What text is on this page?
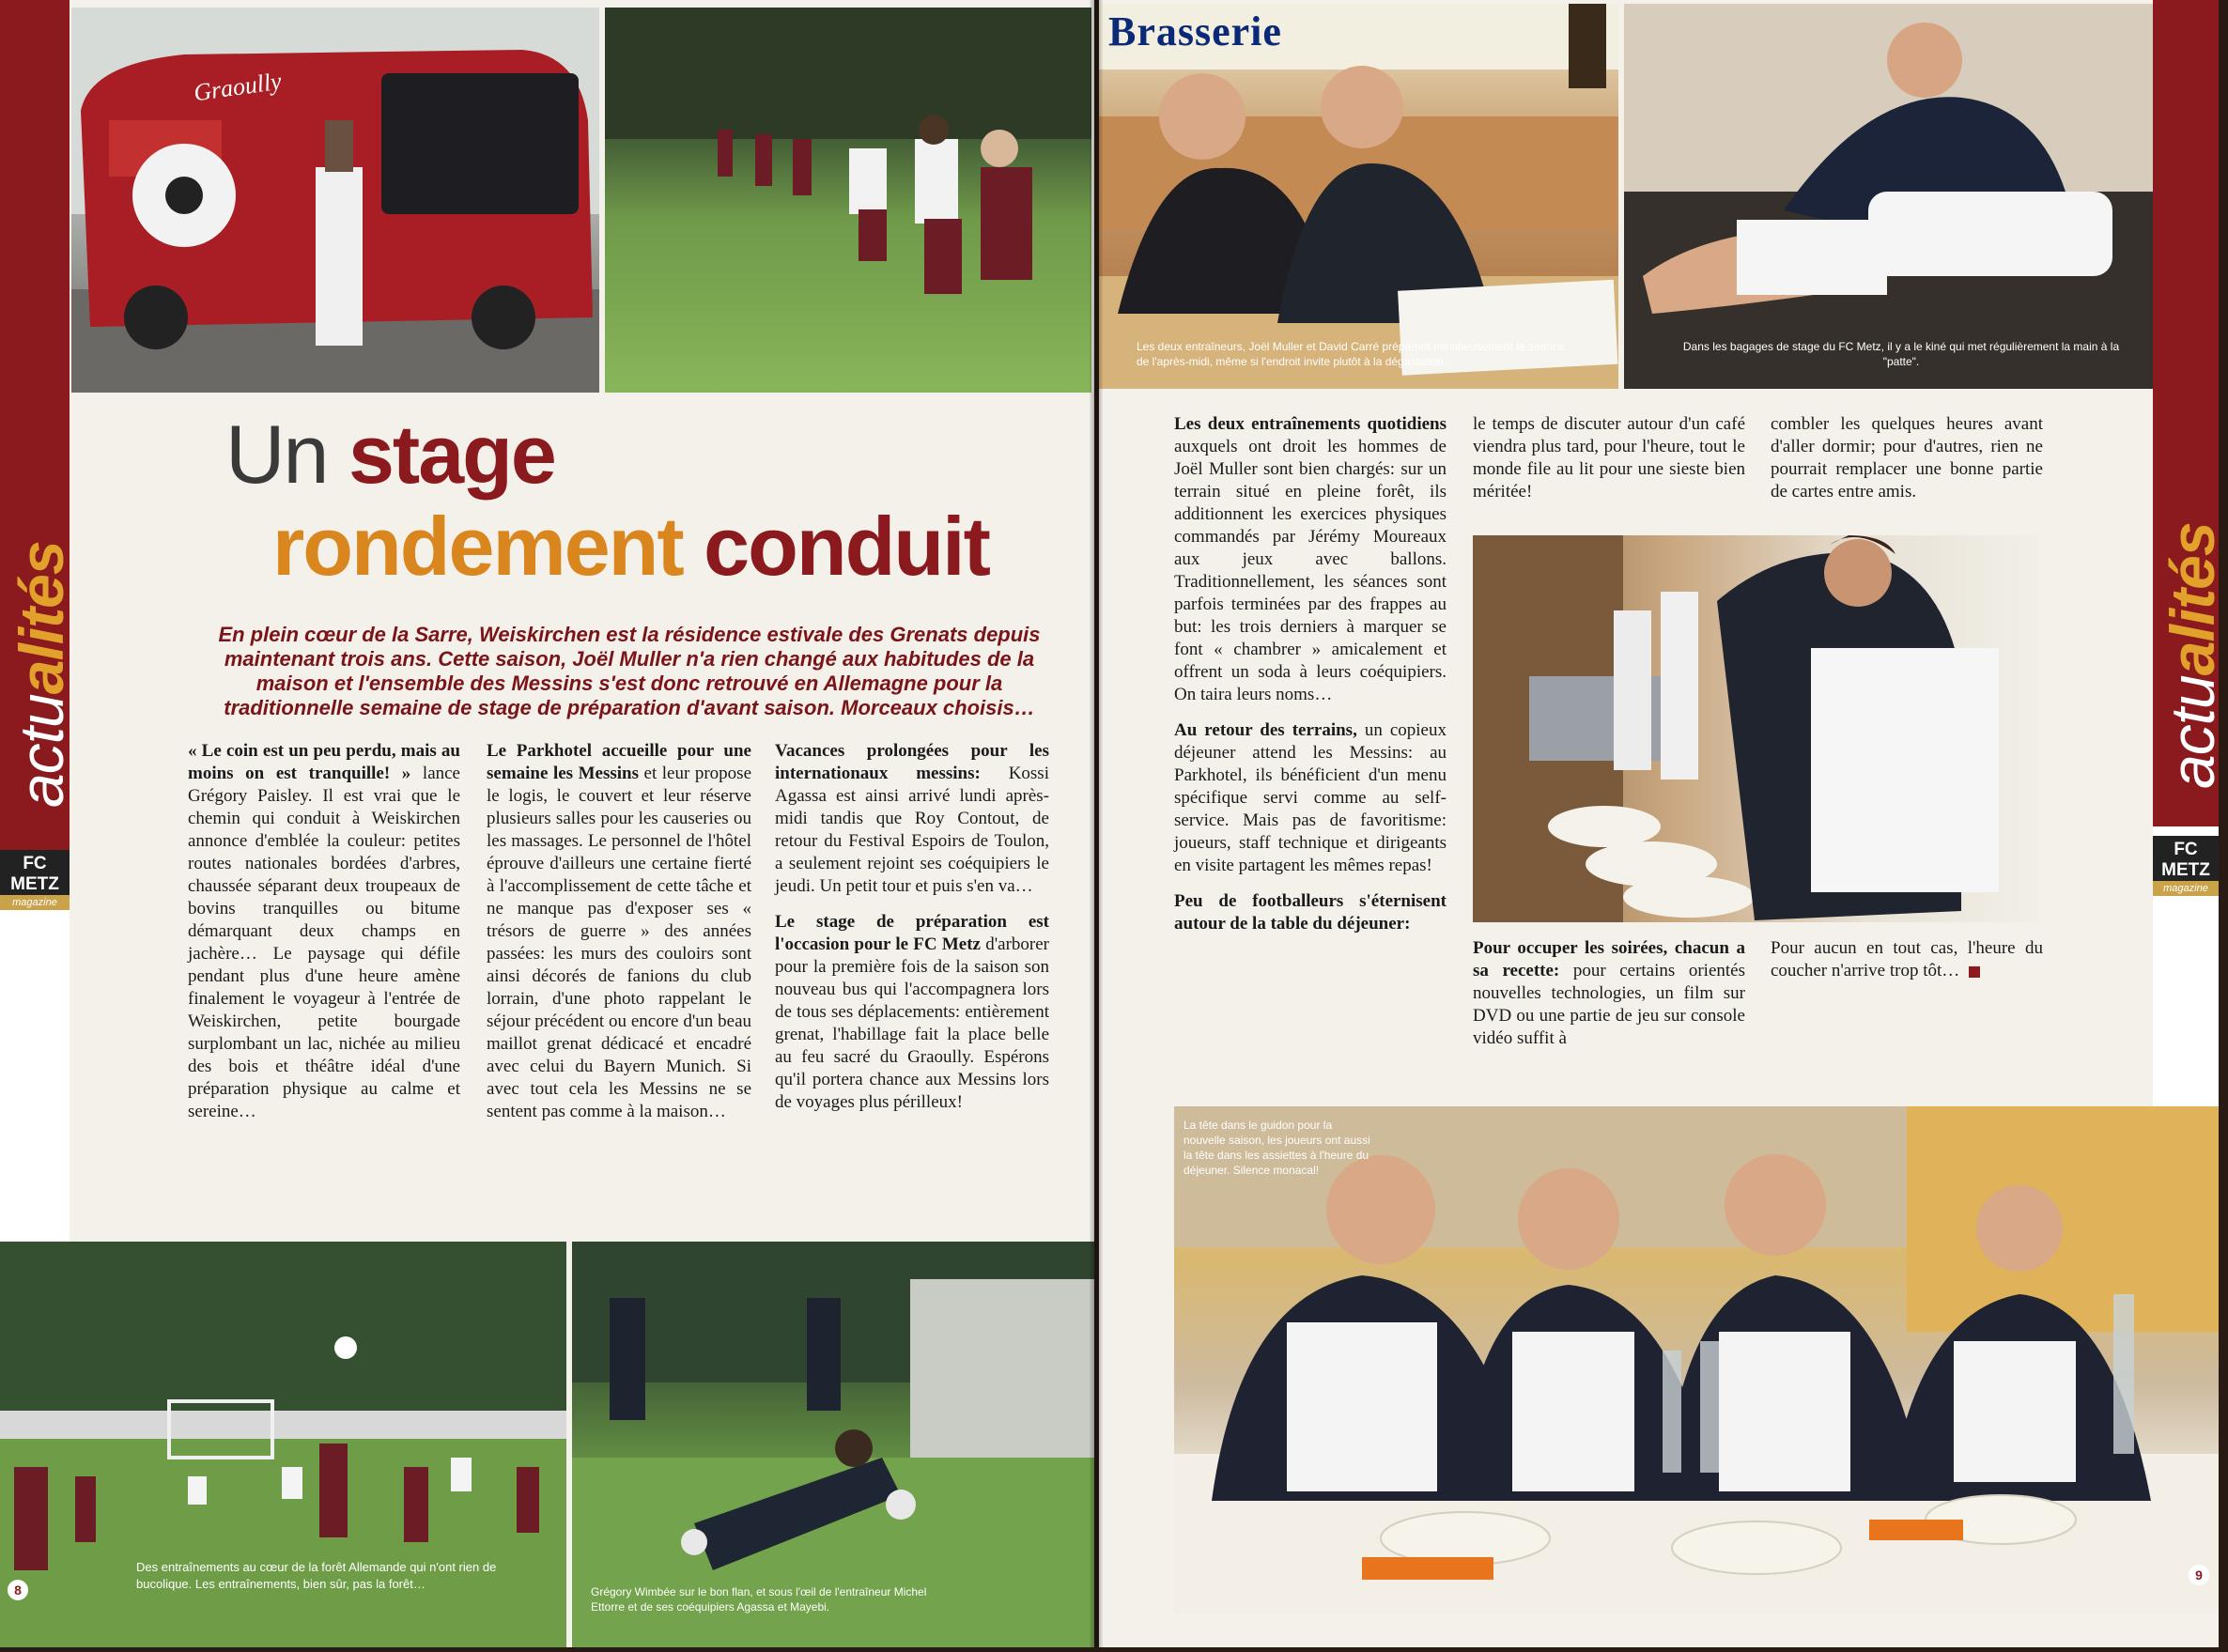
actualités
FC METZ
magazine
Graoully
Un stage
rondement conduit
En plein cœur de la Sarre, Weiskirchen est la résidence estivale des Grenats depuis maintenant trois ans. Cette saison, Joël Muller n'a rien changé aux habitudes de la maison et l'ensemble des Messins s'est donc retrouvé en Allemagne pour la traditionnelle semaine de stage de préparation d'avant saison. Morceaux choisis…

« Le coin est un peu perdu, mais au moins on est tranquille! » lance Grégory Paisley. Il est vrai que le chemin qui conduit à Weiskirchen annonce d'emblée la couleur: petites routes nationales bordées d'arbres, chaussée séparant deux troupeaux de bovins tranquilles ou bitume démarquant deux champs en jachère… Le paysage qui défile pendant plus d'une heure amène finalement le voyageur à l'entrée de Weiskirchen, petite bourgade surplombant un lac, nichée au milieu des bois et théâtre idéal d'une préparation physique au calme et sereine…

Le Parkhotel accueille pour une semaine les Messins et leur propose le logis, le couvert et leur réserve plusieurs salles pour les causeries ou les massages. Le personnel de l'hôtel éprouve d'ailleurs une certaine fierté à l'accomplissement de cette tâche et ne manque pas d'exposer ses « trésors de guerre » des années passées: les murs des couloirs sont ainsi décorés de fanions du club lorrain, d'une photo rappelant le séjour précédent ou encore d'un beau maillot grenat dédicacé et encadré avec celui du Bayern Munich. Si avec tout cela les Messins ne se sentent pas comme à la maison…

Vacances prolongées pour les internationaux messins: Kossi Agassa est ainsi arrivé lundi après-midi tandis que Roy Contout, de retour du Festival Espoirs de Toulon, a seulement rejoint ses coéquipiers le jeudi. Un petit tour et puis s'en va…

Le stage de préparation est l'occasion pour le FC Metz d'arborer pour la première fois de la saison son nouveau bus qui l'accompagnera lors de tous ses déplacements: entièrement grenat, l'habillage fait la place belle au feu sacré du Graoully. Espérons qu'il portera chance aux Messins lors de voyages plus périlleux!

Des entraînements au cœur de la forêt Allemande qui n'ont rien de bucolique. Les entraînements, bien sûr, pas la forêt…
8	Grégory Wimbée sur le bon flan, et sous l'œil de l'entraîneur Michel Ettorre et de ses coéquipiers Agassa et Mayebi.
Brasserie
Les deux entraîneurs, Joël Muller et David Carré préparent minutieusement la séance de l'après-midi, même si l'endroit invite plutôt à la dégustation…
Dans les bagages de stage du FC Metz, il y a le kiné qui met régulièrement la main à la "patte".

Les deux entraînements quotidiens auxquels ont droit les hommes de Joël Muller sont bien chargés: sur un terrain situé en pleine forêt, ils additionnent les exercices physiques commandés par Jérémy Moureaux aux jeux avec ballons. Traditionnellement, les séances sont parfois terminées par des frappes au but: les trois derniers à marquer se font « chambrer » amicalement et offrent un soda à leurs coéquipiers. On taira leurs noms…

Au retour des terrains, un copieux déjeuner attend les Messins: au Parkhotel, ils bénéficient d'un menu spécifique servi comme au self-service. Mais pas de favoritisme: joueurs, staff technique et dirigeants en visite partagent les mêmes repas!

Peu de footballeurs s'éternisent autour de la table du déjeuner:

le temps de discuter autour d'un café viendra plus tard, pour l'heure, tout le monde file au lit pour une sieste bien méritée!

Pour occuper les soirées, chacun a sa recette: pour certains orientés nouvelles technologies, un film sur DVD ou une partie de jeu sur console vidéo suffit à

combler les quelques heures avant d'aller dormir; pour d'autres, rien ne pourrait remplacer une bonne partie de cartes entre amis.

Pour aucun en tout cas, l'heure du coucher n'arrive trop tôt…

La tête dans le guidon pour la nouvelle saison, les joueurs ont aussi la tête dans les assiettes à l'heure du déjeuner. Silence monacal!
9
actualités
FC METZ
magazine
